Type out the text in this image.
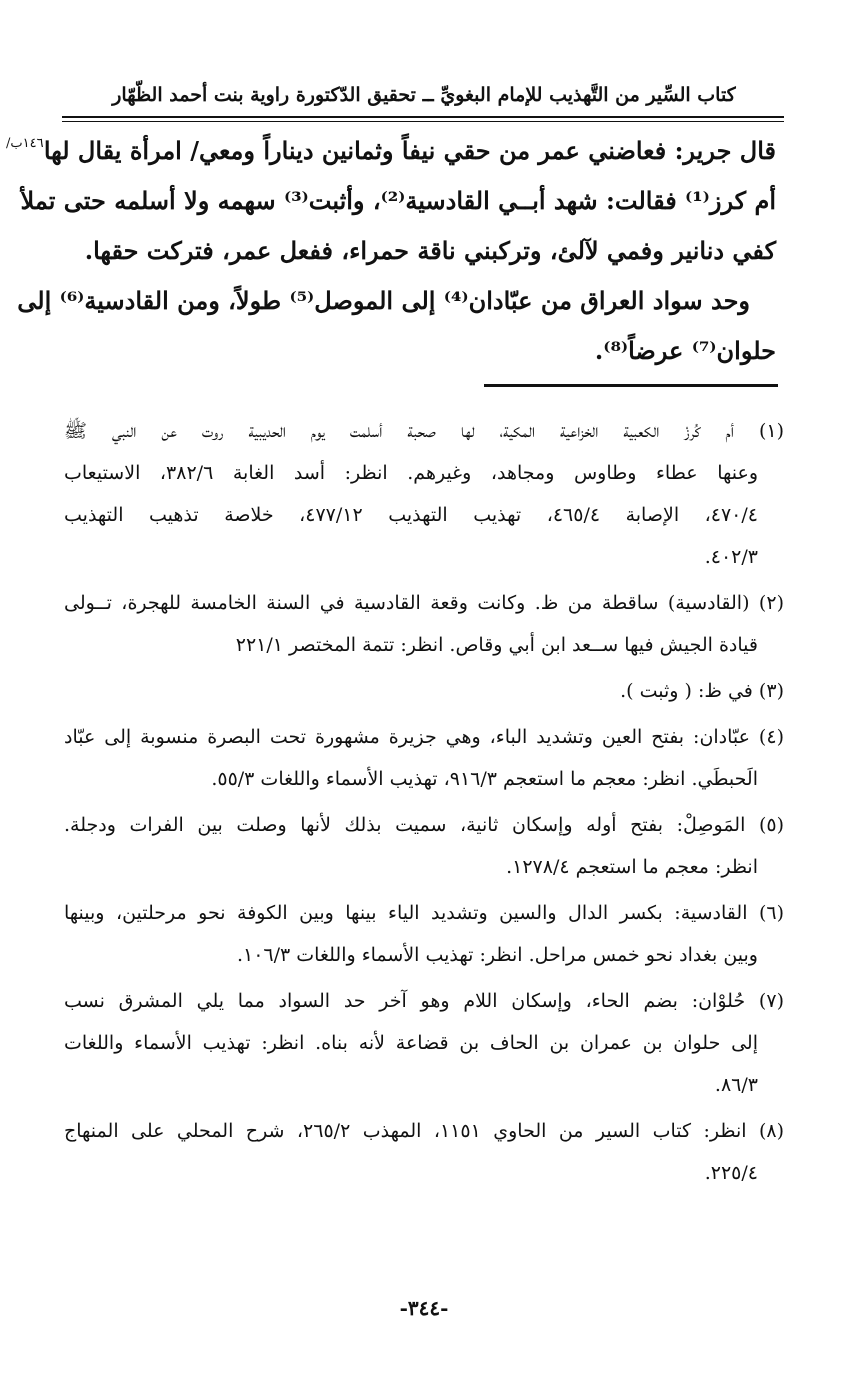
كتاب السِّير من التَّهذيب للإمام البغويِّ ــ تحقيق الدّكتورة راوية بنت أحمد الظّهّار
١٤٦ب/ قال جرير: فعاضني عمر من حقي نيفاً وثمانين ديناراً ومعي/ امرأة يقال لها
أم كرز⁽¹⁾ فقالت: شهد أبــي القادسية⁽²⁾، وأثبت⁽³⁾ سهمه ولا أسلمه حتى تملأ
كفي دنانير وفمي لآلئ، وتركبني ناقة حمراء، ففعل عمر، فتركت حقها.
وحد سواد العراق من عبّادان⁽⁴⁾ إلى الموصل⁽⁵⁾ طولاً، ومن القادسية⁽⁶⁾ إلى
حلوان⁽⁷⁾ عرضاً⁽⁸⁾.
(١) أم كُرزْ الكعبية الخزاعية المكية، لها صحبة أسلمت يوم الحديبية روت عن النبي ﷺ
وعنها عطاء وطاوس ومجاهد، وغيرهم. انظر: أسد الغابة ٣٨٢/٦، الاستيعاب
٤٧٠/٤، الإصابة ٤٦٥/٤، تهذيب التهذيب ٤٧٧/١٢، خلاصة تذهيب التهذيب
٤٠٢/٣.
(٢) (القادسية) ساقطة من ظ. وكانت وقعة القادسية في السنة الخامسة للهجرة، تــولى
قيادة الجيش فيها ســعد ابن أبي وقاص. انظر: تتمة المختصر ٢٢١/١
(٣) في ظ: ( وثبت ).
(٤) عبّادان: بفتح العين وتشديد الباء، وهي جزيرة مشهورة تحت البصرة منسوبة إلى عبّاد
الَحبطَي. انظر: معجم ما استعجم ٩١٦/٣، تهذيب الأسماء واللغات ٥٥/٣.
(٥) المَوصِلْ: بفتح أوله وإسكان ثانية، سميت بذلك لأنها وصلت بين الفرات ودجلة.
انظر: معجم ما استعجم ١٢٧٨/٤.
(٦) القادسية: بكسر الدال والسين وتشديد الياء بينها وبين الكوفة نحو مرحلتين، وبينها
وبين بغداد نحو خمس مراحل. انظر: تهذيب الأسماء واللغات ١٠٦/٣.
(٧) حُلوْان: بضم الحاء، وإسكان اللام وهو آخر حد السواد مما يلي المشرق نسب
إلى حلوان بن عمران بن الحاف بن قضاعة لأنه بناه. انظر: تهذيب الأسماء واللغات
٨٦/٣.
(٨) انظر: كتاب السير من الحاوي ١١٥١، المهذب ٢٦٥/٢، شرح المحلي على المنهاج
٢٢٥/٤.
-٣٤٤-
